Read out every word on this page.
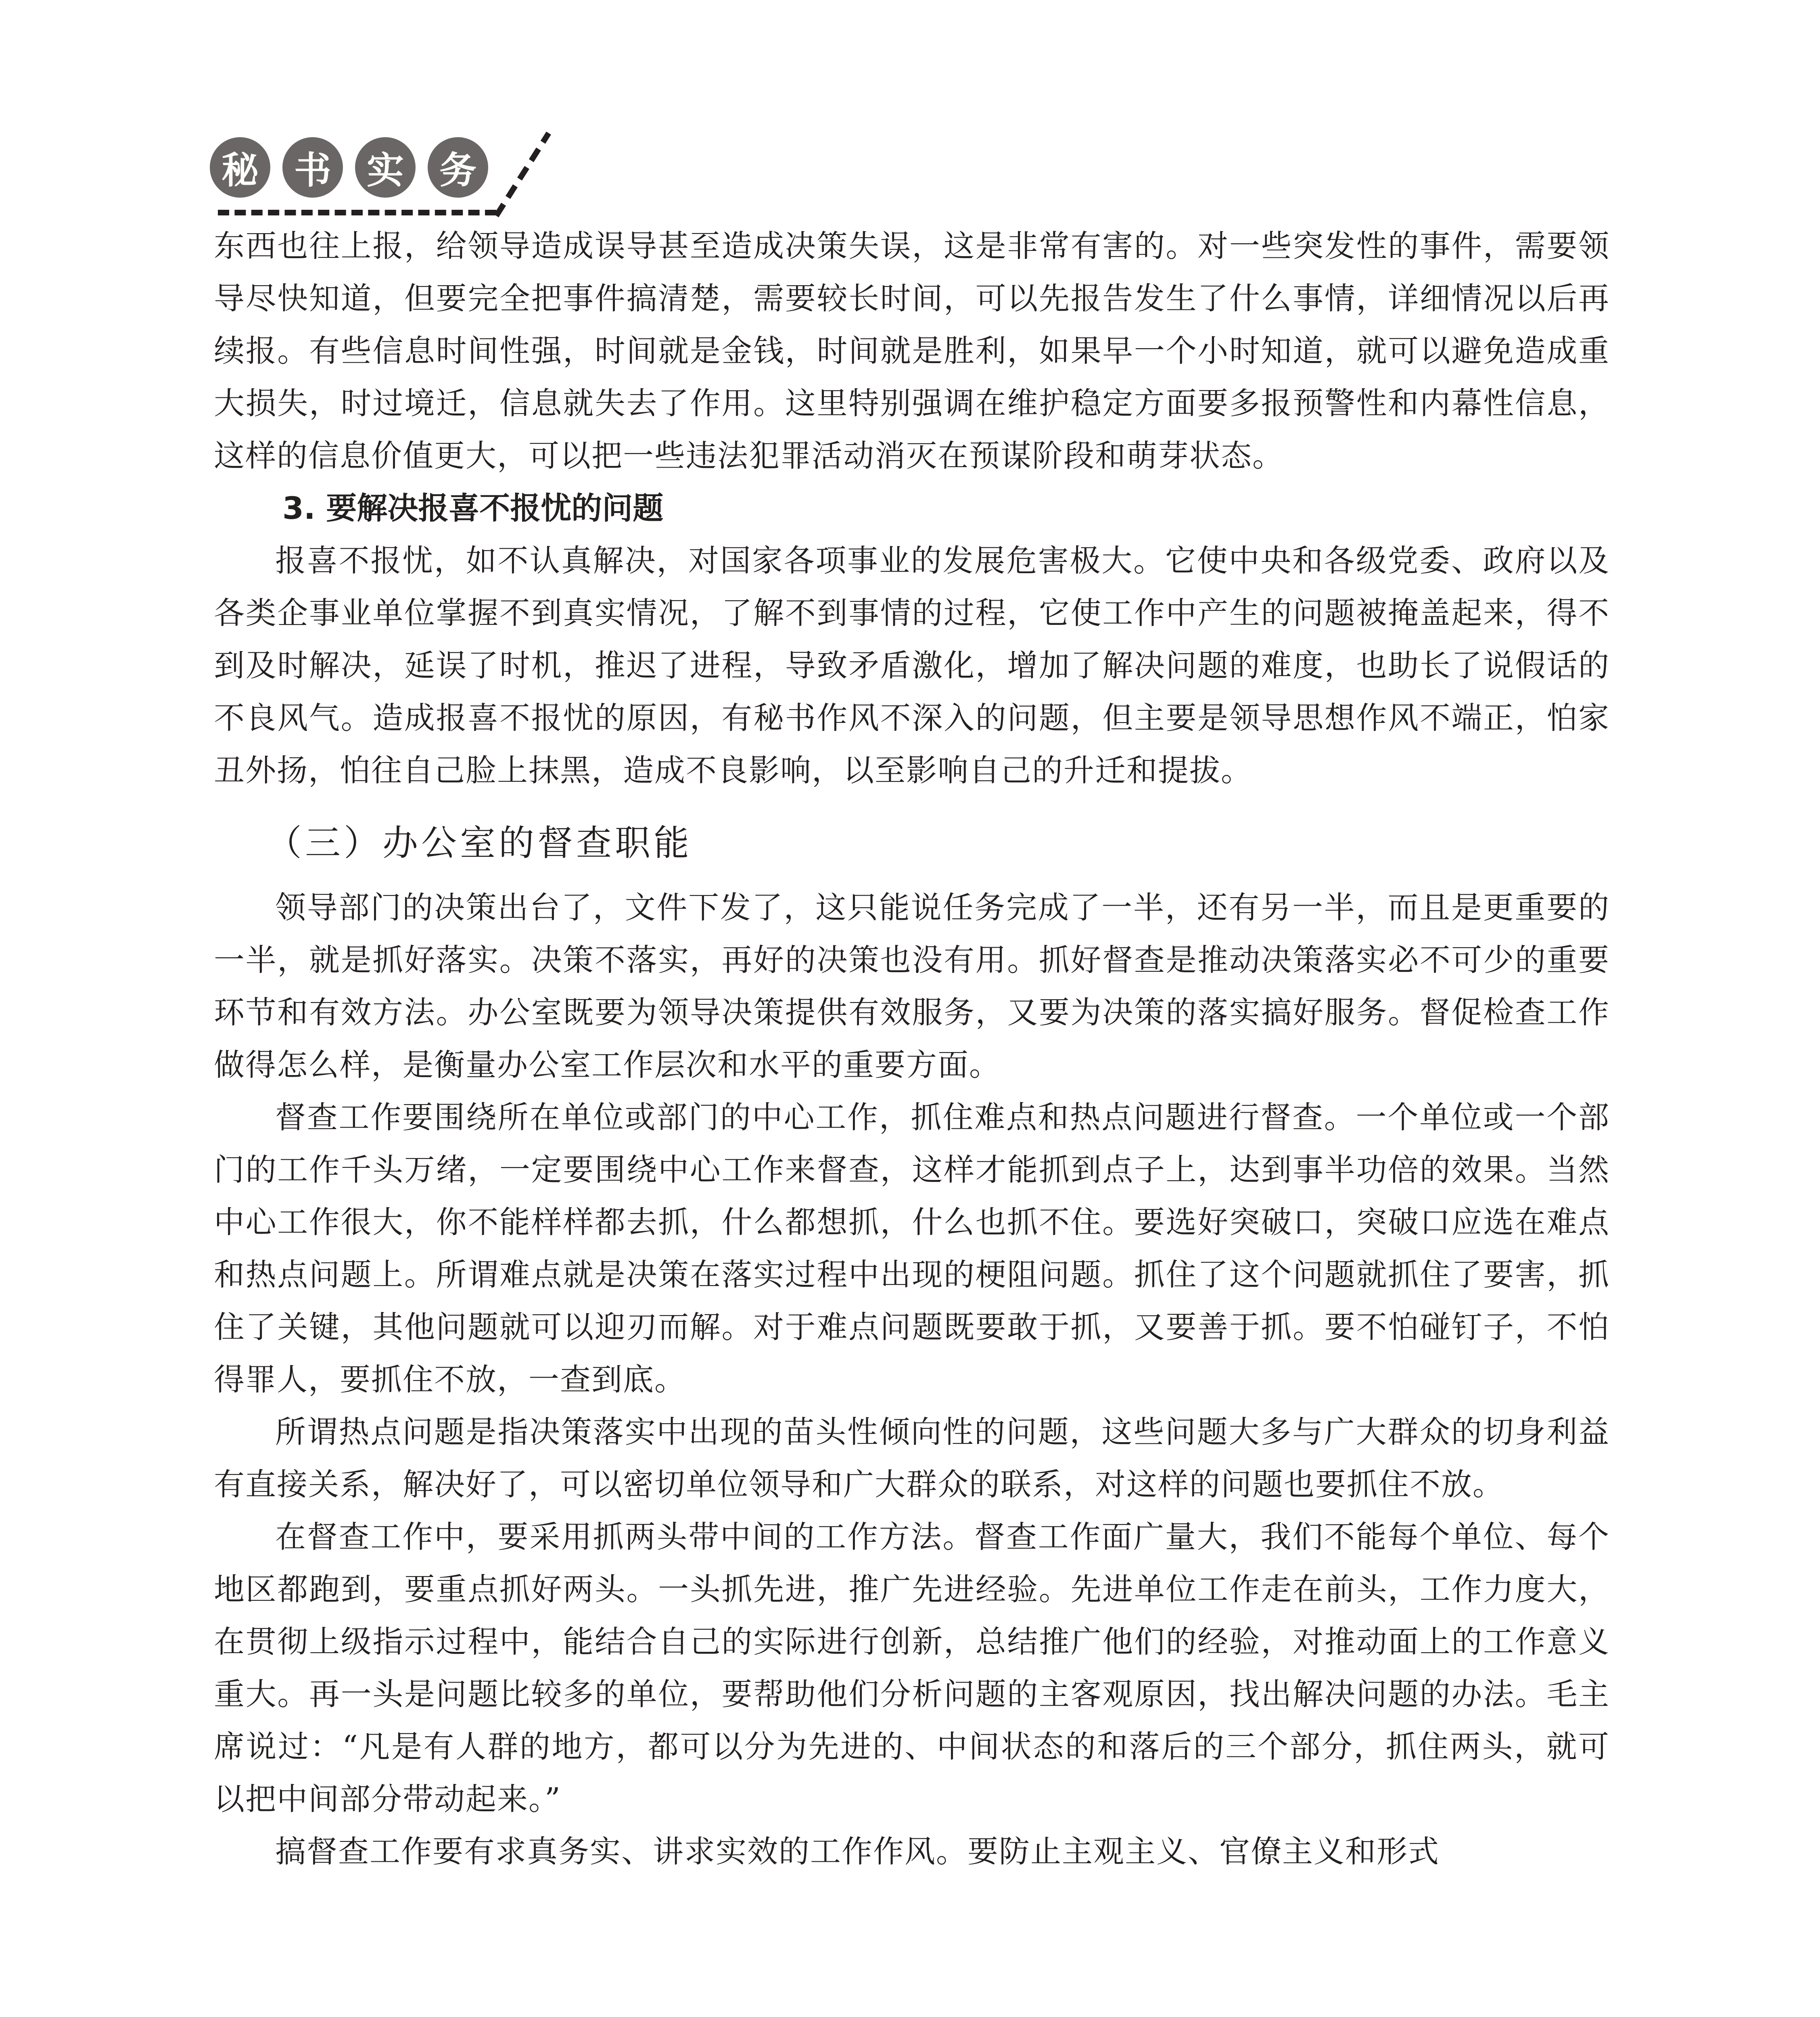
秘 书 实 务

东西也往上报，给领导造成误导甚至造成决策失误，这是非常有害的。对一些突发性的事件，需要领导尽快知道，但要完全把事件搞清楚，需要较长时间，可以先报告发生了什么事情，详细情况以后再续报。有些信息时间性强，时间就是金钱，时间就是胜利，如果早一个小时知道，就可以避免造成重大损失，时过境迁，信息就失去了作用。这里特别强调在维护稳定方面要多报预警性和内幕性信息，这样的信息价值更大，可以把一些违法犯罪活动消灭在预谋阶段和萌芽状态。

3. 要解决报喜不报忧的问题

报喜不报忧，如不认真解决，对国家各项事业的发展危害极大。它使中央和各级党委、政府以及各类企事业单位掌握不到真实情况，了解不到事情的过程，它使工作中产生的问题被掩盖起来，得不到及时解决，延误了时机，推迟了进程，导致矛盾激化，增加了解决问题的难度，也助长了说假话的不良风气。造成报喜不报忧的原因，有秘书作风不深入的问题，但主要是领导思想作风不端正，怕家丑外扬，怕往自己脸上抹黑，造成不良影响，以至影响自己的升迁和提拔。

（三）办公室的督查职能

领导部门的决策出台了，文件下发了，这只能说任务完成了一半，还有另一半，而且是更重要的一半，就是抓好落实。决策不落实，再好的决策也没有用。抓好督查是推动决策落实必不可少的重要环节和有效方法。办公室既要为领导决策提供有效服务，又要为决策的落实搞好服务。督促检查工作做得怎么样，是衡量办公室工作层次和水平的重要方面。

督查工作要围绕所在单位或部门的中心工作，抓住难点和热点问题进行督查。一个单位或一个部门的工作千头万绪，一定要围绕中心工作来督查，这样才能抓到点子上，达到事半功倍的效果。当然中心工作很大，你不能样样都去抓，什么都想抓，什么也抓不住。要选好突破口，突破口应选在难点和热点问题上。所谓难点就是决策在落实过程中出现的梗阻问题。抓住了这个问题就抓住了要害，抓住了关键，其他问题就可以迎刃而解。对于难点问题既要敢于抓，又要善于抓。要不怕碰钉子，不怕得罪人，要抓住不放，一查到底。

所谓热点问题是指决策落实中出现的苗头性倾向性的问题，这些问题大多与广大群众的切身利益有直接关系，解决好了，可以密切单位领导和广大群众的联系，对这样的问题也要抓住不放。

在督查工作中，要采用抓两头带中间的工作方法。督查工作面广量大，我们不能每个单位、每个地区都跑到，要重点抓好两头。一头抓先进，推广先进经验。先进单位工作走在前头，工作力度大，在贯彻上级指示过程中，能结合自己的实际进行创新，总结推广他们的经验，对推动面上的工作意义重大。再一头是问题比较多的单位，要帮助他们分析问题的主客观原因，找出解决问题的办法。毛主席说过：“凡是有人群的地方，都可以分为先进的、中间状态的和落后的三个部分，抓住两头，就可以把中间部分带动起来。”

搞督查工作要有求真务实、讲求实效的工作作风。要防止主观主义、官僚主义和形式
